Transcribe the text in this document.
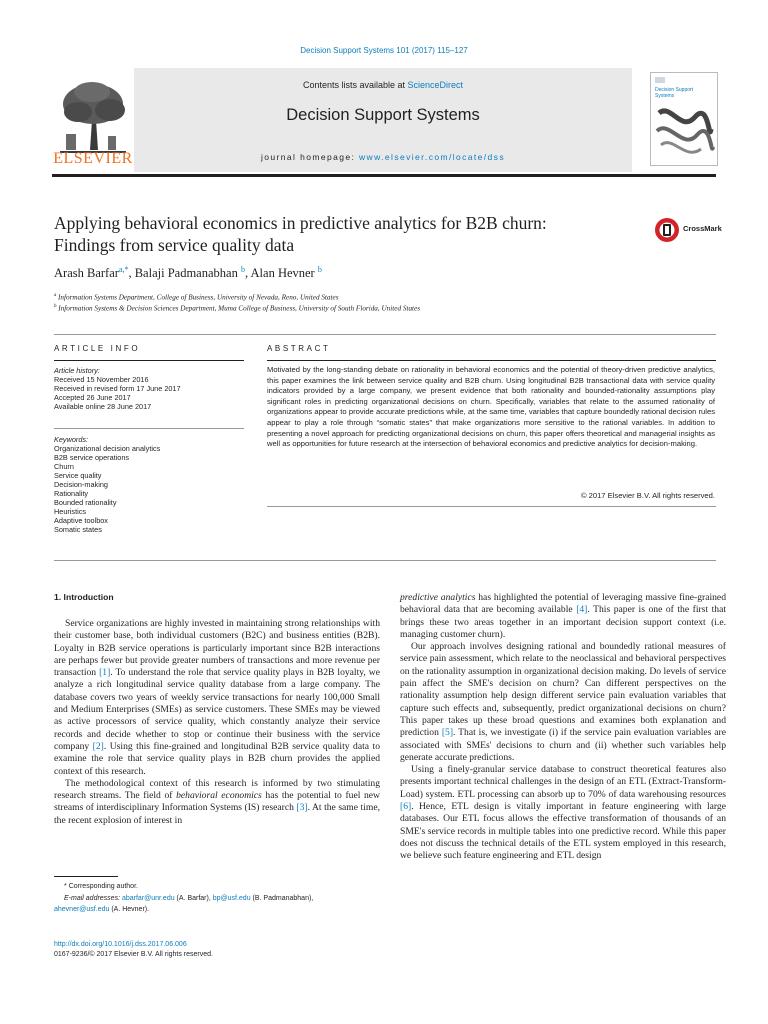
Decision Support Systems 101 (2017) 115–127
ELSEVIER
Contents lists available at ScienceDirect
Decision Support Systems
journal homepage: www.elsevier.com/locate/dss
Decision Support Systems
Applying behavioral economics in predictive analytics for B2B churn:
Findings from service quality data
CrossMark
Arash Barfar$^{a,*}$, Balaji Padmanabhan $^b$, Alan Hevner $^b$
$^a$ Information Systems Department, College of Business, University of Nevada, Reno, United States
$^b$ Information Systems & Decision Sciences Department, Muma College of Business, University of South Florida, United States
ARTICLE INFO	ABSTRACT
Article history:
Received 15 November 2016
Received in revised form 17 June 2017
Accepted 26 June 2017
Available online 28 June 2017
Keywords:
Organizational decision analytics
B2B service operations
Churn
Service quality
Decision-making
Rationality
Bounded rationality
Heuristics
Adaptive toolbox
Somatic states

Motivated by the long-standing debate on rationality in behavioral economics and the potential of theory-driven predictive analytics, this paper examines the link between service quality and B2B churn. Using longitudinal B2B transactional data with service quality indicators provided by a large company, we present evidence that both rationality and bounded-rationality assumptions play significant roles in predicting organizational decisions on churn. Specifically, variables that relate to the assumed rationality of organizations appear to provide accurate predictions while, at the same time, variables that capture boundedly rational decision rules appear to play a role through “somatic states” that make organizations more sensitive to the rational variables. In addition to presenting a novel approach for predicting organizational decisions on churn, this paper offers theoretical and managerial insights as well as opportunities for future research at the intersection of behavioral economics and predictive analytics for decision-making.

© 2017 Elsevier B.V. All rights reserved.
1. Introduction

Service organizations are highly invested in maintaining strong relationships with their customer base, both individual customers (B2C) and business entities (B2B). Loyalty in B2B service operations is particularly important since B2B interactions are perhaps fewer but provide greater numbers of transactions and more revenue per transaction [1]. To understand the role that service quality plays in B2B loyalty, we analyze a rich longitudinal service quality database from a large company. The database covers two years of weekly service transactions for nearly 100,000 Small and Medium Enterprises (SMEs) as service customers. These SMEs may be viewed as active processors of service quality, which constantly analyze their service records and decide whether to stop or continue their business with the service company [2]. Using this fine-grained and longitudinal B2B service quality data to examine the role that service quality plays in B2B churn provides the applied context of this research.

The methodological context of this research is informed by two stimulating research streams. The field of behavioral economics has the potential to fuel new streams of interdisciplinary Information Systems (IS) research [3]. At the same time, the recent explosion of interest in

predictive analytics has highlighted the potential of leveraging massive fine-grained behavioral data that are becoming available [4]. This paper is one of the first that brings these two areas together in an important decision support context (i.e. managing customer churn).

Our approach involves designing rational and boundedly rational measures of service pain assessment, which relate to the neoclassical and behavioral perspectives on the rationality assumption in organizational decision making. Do levels of service pain affect the SME's decision on churn? Can different perspectives on the rationality assumption help design different service pain evaluation variables that capture such effects and, subsequently, predict organizational decisions on churn? This paper takes up these broad questions and examines both explanation and prediction [5]. That is, we investigate (i) if the service pain evaluation variables are associated with SMEs' decisions to churn and (ii) whether such variables help generate accurate predictions.

Using a finely-granular service database to construct theoretical features also presents important technical challenges in the design of an ETL (Extract-Transform-Load) system. ETL processing can absorb up to 70% of data warehousing resources [6]. Hence, ETL design is vitally important in feature engineering with large databases. Our ETL focus allows the effective transformation of thousands of an SME's service records in multiple tables into one predictive record. While this paper does not discuss the technical details of the ETL system employed in this research, we believe such feature engineering and ETL design

* Corresponding author.
E-mail addresses: abarfar@unr.edu (A. Barfar), bp@usf.edu (B. Padmanabhan),
ahevner@usf.edu (A. Hevner).
http://dx.doi.org/10.1016/j.dss.2017.06.006
0167-9236/© 2017 Elsevier B.V. All rights reserved.
